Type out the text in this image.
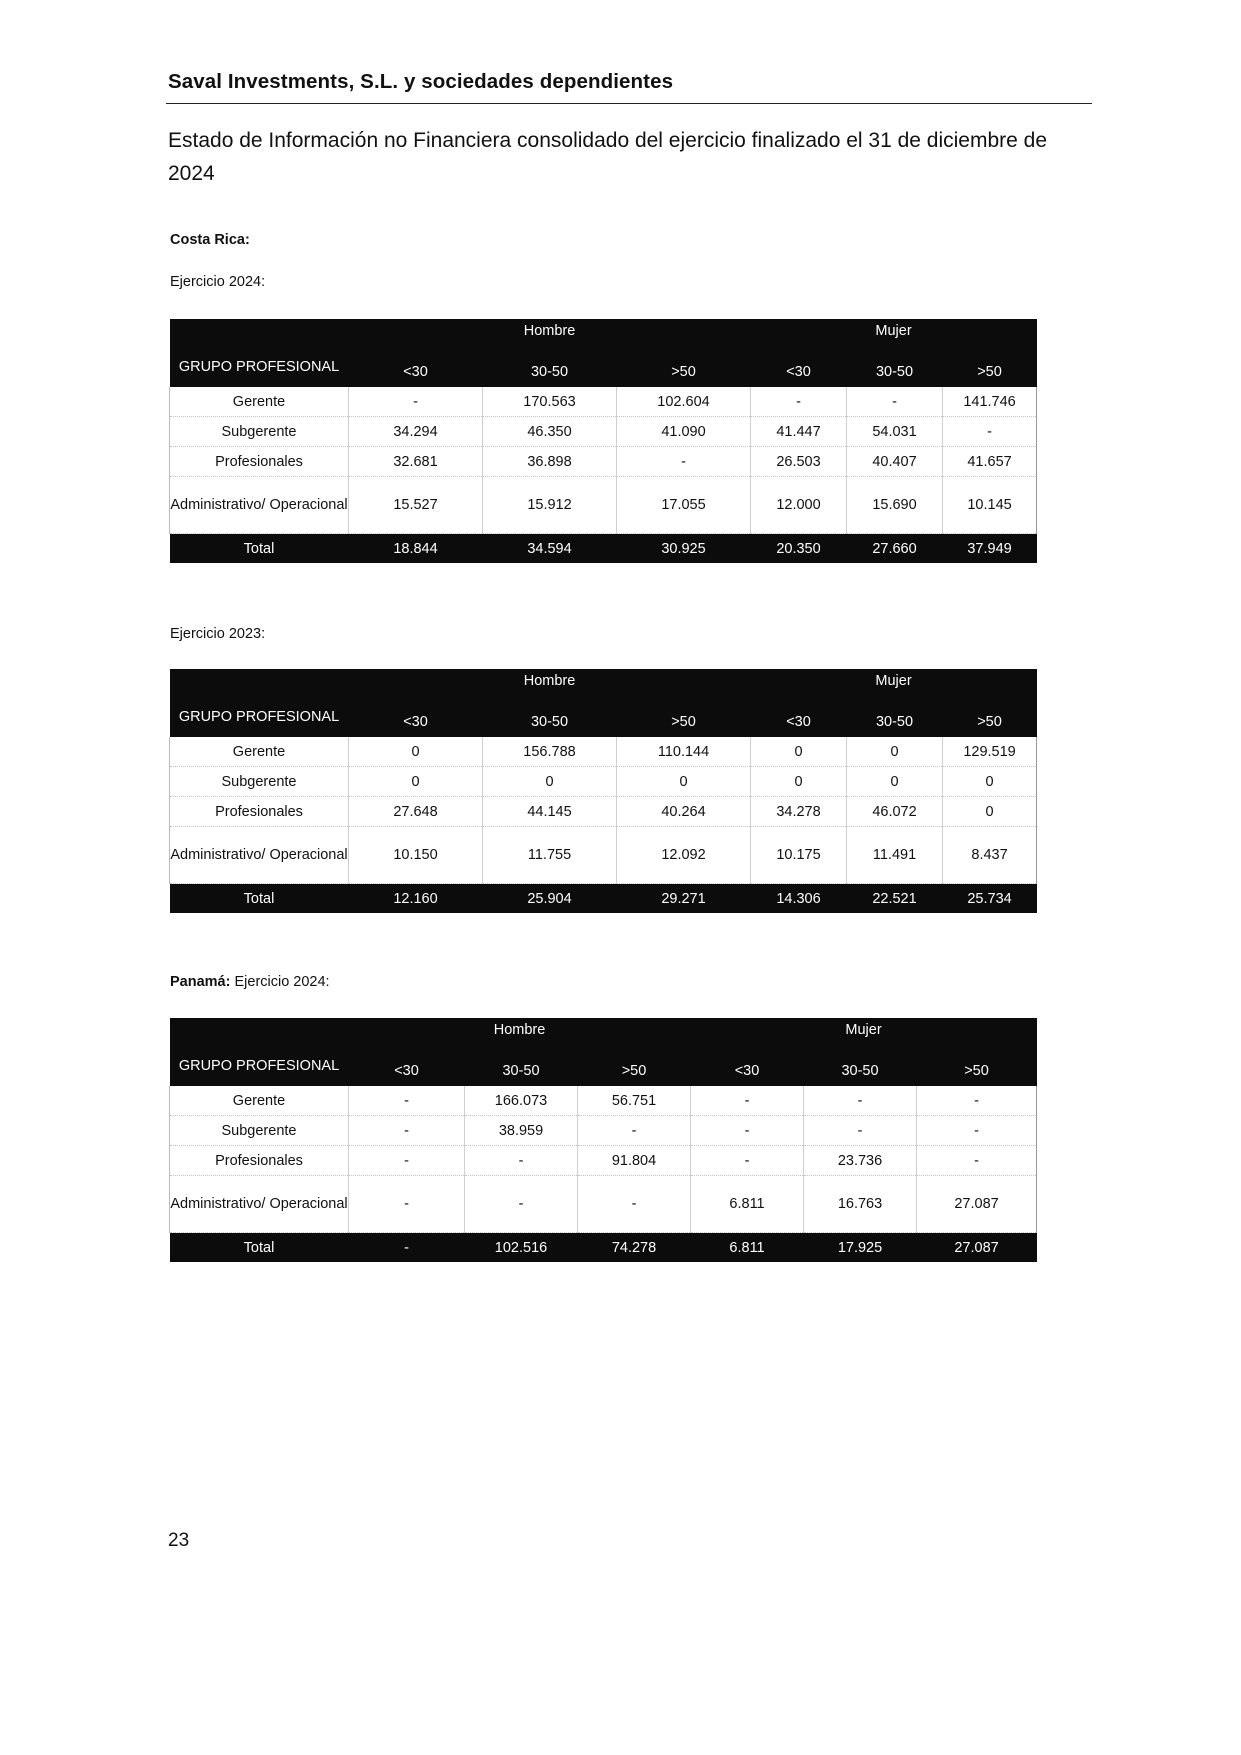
Saval Investments, S.L. y sociedades dependientes
Estado de Información no Financiera consolidado del ejercicio finalizado el 31 de diciembre de 2024
Costa Rica:
Ejercicio 2024:
GRUPO PROFESIONAL	Hombre			Mujer		
	<30	30-50	>50	<30	30-50	>50
Gerente	-	170.563	102.604	-	-	141.746
Subgerente	34.294	46.350	41.090	41.447	54.031	-
Profesionales	32.681	36.898	-	26.503	40.407	41.657
Administrativo/ Operacional	15.527	15.912	17.055	12.000	15.690	10.145
Total	18.844	34.594	30.925	20.350	27.660	37.949
Ejercicio 2023:
GRUPO PROFESIONAL	Hombre			Mujer		
	<30	30-50	>50	<30	30-50	>50
Gerente	0	156.788	110.144	0	0	129.519
Subgerente	0	0	0	0	0	0
Profesionales	27.648	44.145	40.264	34.278	46.072	0
Administrativo/ Operacional	10.150	11.755	12.092	10.175	11.491	8.437
Total	12.160	25.904	29.271	14.306	22.521	25.734
Panamá: Ejercicio 2024:
GRUPO PROFESIONAL	Hombre			Mujer		
	<30	30-50	>50	<30	30-50	>50
Gerente	-	166.073	56.751	-	-	-
Subgerente	-	38.959	-	-	-	-
Profesionales	-	-	91.804	-	23.736	-
Administrativo/ Operacional	-	-	-	6.811	16.763	27.087
Total	-	102.516	74.278	6.811	17.925	27.087
23
